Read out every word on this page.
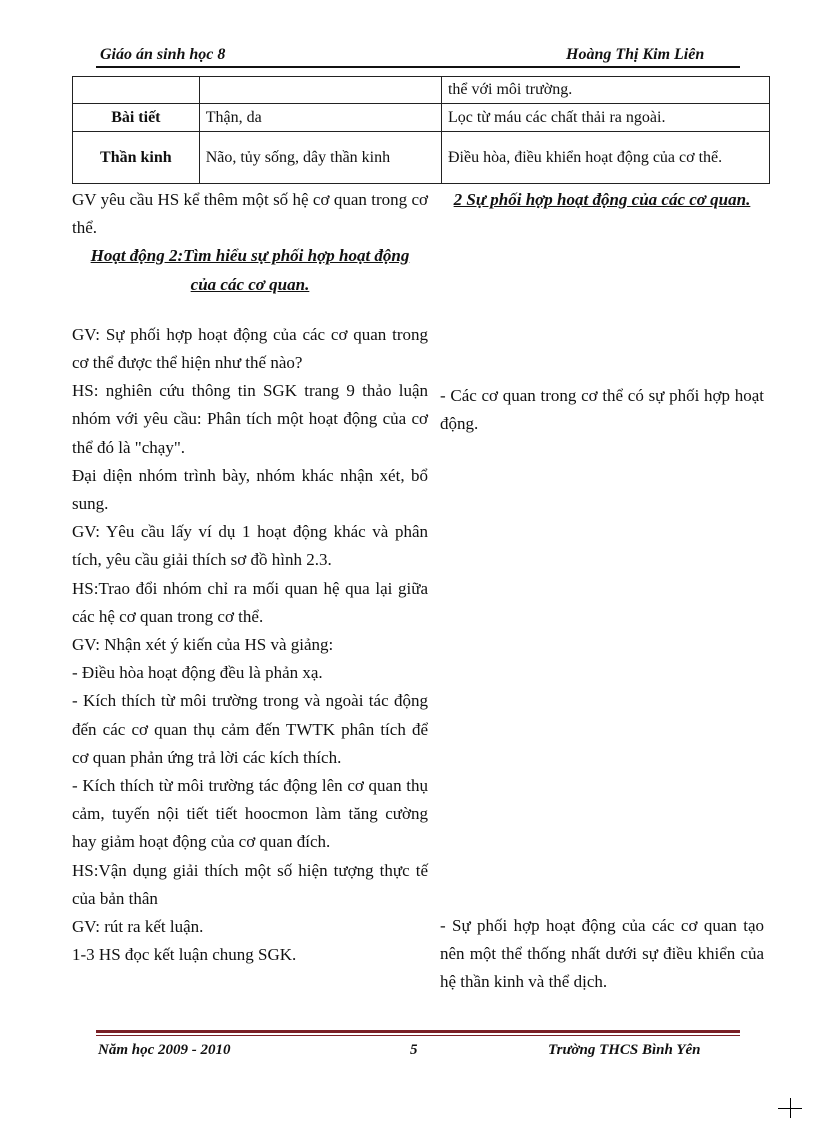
Giáo án sinh học 8	Hoàng Thị Kim Liên
		thể với môi trường.
Bài tiết	Thận, da	Lọc từ máu các chất thải ra ngoài.
Thần kinh	Não, tủy sống, dây thần kinh	Điều hòa, điều khiển hoạt động của cơ thể.

GV yêu cầu HS kể thêm một số hệ cơ quan trong cơ thể.

Hoạt động 2:Tìm hiểu sự phối hợp hoạt động của các cơ quan.

GV: Sự phối hợp hoạt động của các cơ quan trong cơ thể được thể hiện như thế nào?

HS: nghiên cứu thông tin SGK trang 9 thảo luận nhóm với yêu cầu: Phân tích một hoạt động của cơ thể đó là "chạy".

Đại diện nhóm trình bày, nhóm khác nhận xét, bổ sung.

GV: Yêu cầu lấy ví dụ 1 hoạt động khác và phân tích, yêu cầu giải thích sơ đồ hình 2.3.

HS:Trao đổi nhóm chỉ ra mối quan hệ qua lại giữa các hệ cơ quan trong cơ thể.

GV: Nhận xét ý kiến của HS và giảng:

- Điều hòa hoạt động đều là phản xạ.

- Kích thích từ môi trường trong và ngoài tác động đến các cơ quan thụ cảm đến TWTK phân tích để cơ quan phản ứng trả lời các kích thích.

- Kích thích từ môi trường tác động lên cơ quan thụ cảm, tuyến nội tiết tiết hoocmon làm tăng cường hay giảm hoạt động của cơ quan đích.

HS:Vận dụng giải thích một số hiện tượng thực tế của bản thân

GV: rút ra kết luận.

1-3 HS đọc kết luận chung SGK.

2 Sự phối hợp hoạt động của các cơ quan.
- Các cơ quan trong cơ thể có sự phối hợp hoạt động.
- Sự phối hợp hoạt động của các cơ quan tạo nên một thể thống nhất dưới sự điều khiển của hệ thần kinh và thể dịch.
Năm học 2009 - 2010	5	Trường THCS Bình Yên
